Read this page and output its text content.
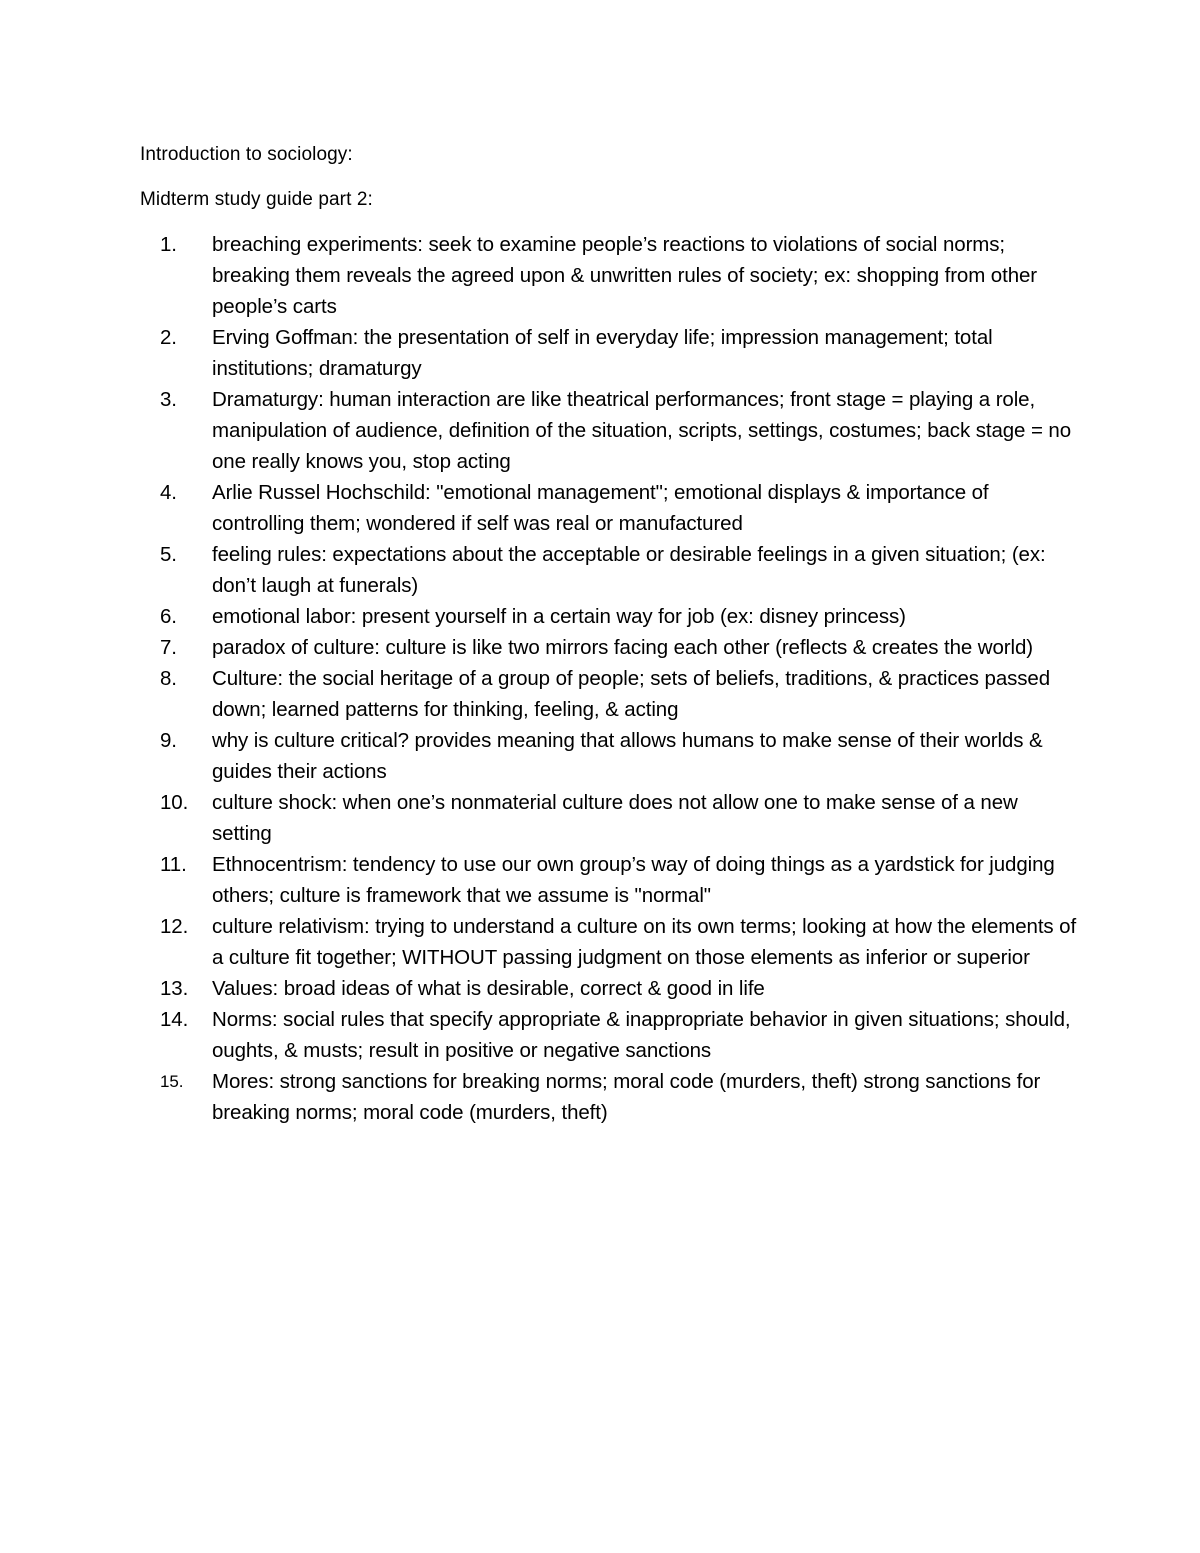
Introduction to sociology:
Midterm study guide part 2:
1.	breaching experiments: seek to examine people’s reactions to violations of social norms; breaking them reveals the agreed upon & unwritten rules of society; ex: shopping from other people’s carts
2.	Erving Goffman: the presentation of self in everyday life; impression management; total institutions; dramaturgy
3.	Dramaturgy: human interaction are like theatrical performances; front stage = playing a role, manipulation of audience, definition of the situation, scripts, settings, costumes; back stage = no one really knows you, stop acting
4.	Arlie Russel Hochschild: "emotional management"; emotional displays & importance of controlling them; wondered if self was real or manufactured
5.	feeling rules: expectations about the acceptable or desirable feelings in a given situation; (ex: don’t laugh at funerals)
6.	emotional labor: present yourself in a certain way for job (ex: disney princess)
7.	paradox of culture: culture is like two mirrors facing each other (reflects & creates the world)
8.	Culture: the social heritage of a group of people; sets of beliefs, traditions, & practices passed down; learned patterns for thinking, feeling, & acting
9.	why is culture critical? provides meaning that allows humans to make sense of their worlds & guides their actions
10.	culture shock: when one’s nonmaterial culture does not allow one to make sense of a new setting
11.	Ethnocentrism: tendency to use our own group’s way of doing things as a yardstick for judging others; culture is framework that we assume is "normal"
12.	culture relativism: trying to understand a culture on its own terms; looking at how the elements of a culture fit together; WITHOUT passing judgment on those elements as inferior or superior
13.	Values: broad ideas of what is desirable, correct & good in life
14.	Norms: social rules that specify appropriate & inappropriate behavior in given situations; should, oughts, & musts; result in positive or negative sanctions
15.	Mores: strong sanctions for breaking norms; moral code (murders, theft) strong sanctions for breaking norms; moral code (murders, theft)
